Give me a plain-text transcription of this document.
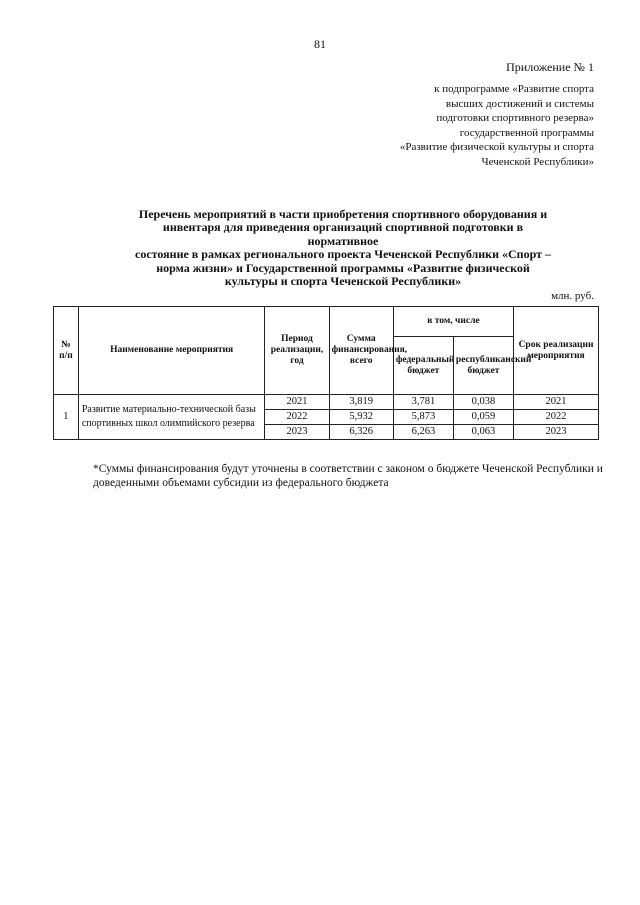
81
Приложение № 1
к подпрограмме «Развитие спорта
высших достижений и системы
подготовки спортивного резерва»
государственной программы
«Развитие физической культуры и спорта
Чеченской Республики»
Перечень мероприятий в части приобретения спортивного оборудования и
инвентаря для приведения организаций спортивной подготовки в
нормативное
состояние в рамках регионального проекта Чеченской Республики «Спорт –
норма жизни» и Государственной программы «Развитие физической
культуры и спорта Чеченской Республики»
млн. руб.
№ п/п	Наименование мероприятия	Период реализации, год	Сумма финансирования, всего	в том, числе		Срок реализации мероприятия
				федеральный бюджет	республиканский бюджет	
1	Развитие материально-технической базы спортивных школ олимпийского резерва	2021	3,819	3,781	0,038	2021
		2022	5,932	5,873	0,059	2022
		2023	6,326	6,263	0,063	2023
*Суммы финансирования будут уточнены в соответствии с законом о бюджете Чеченской Республики и доведенными объемами субсидии из федерального бюджета
